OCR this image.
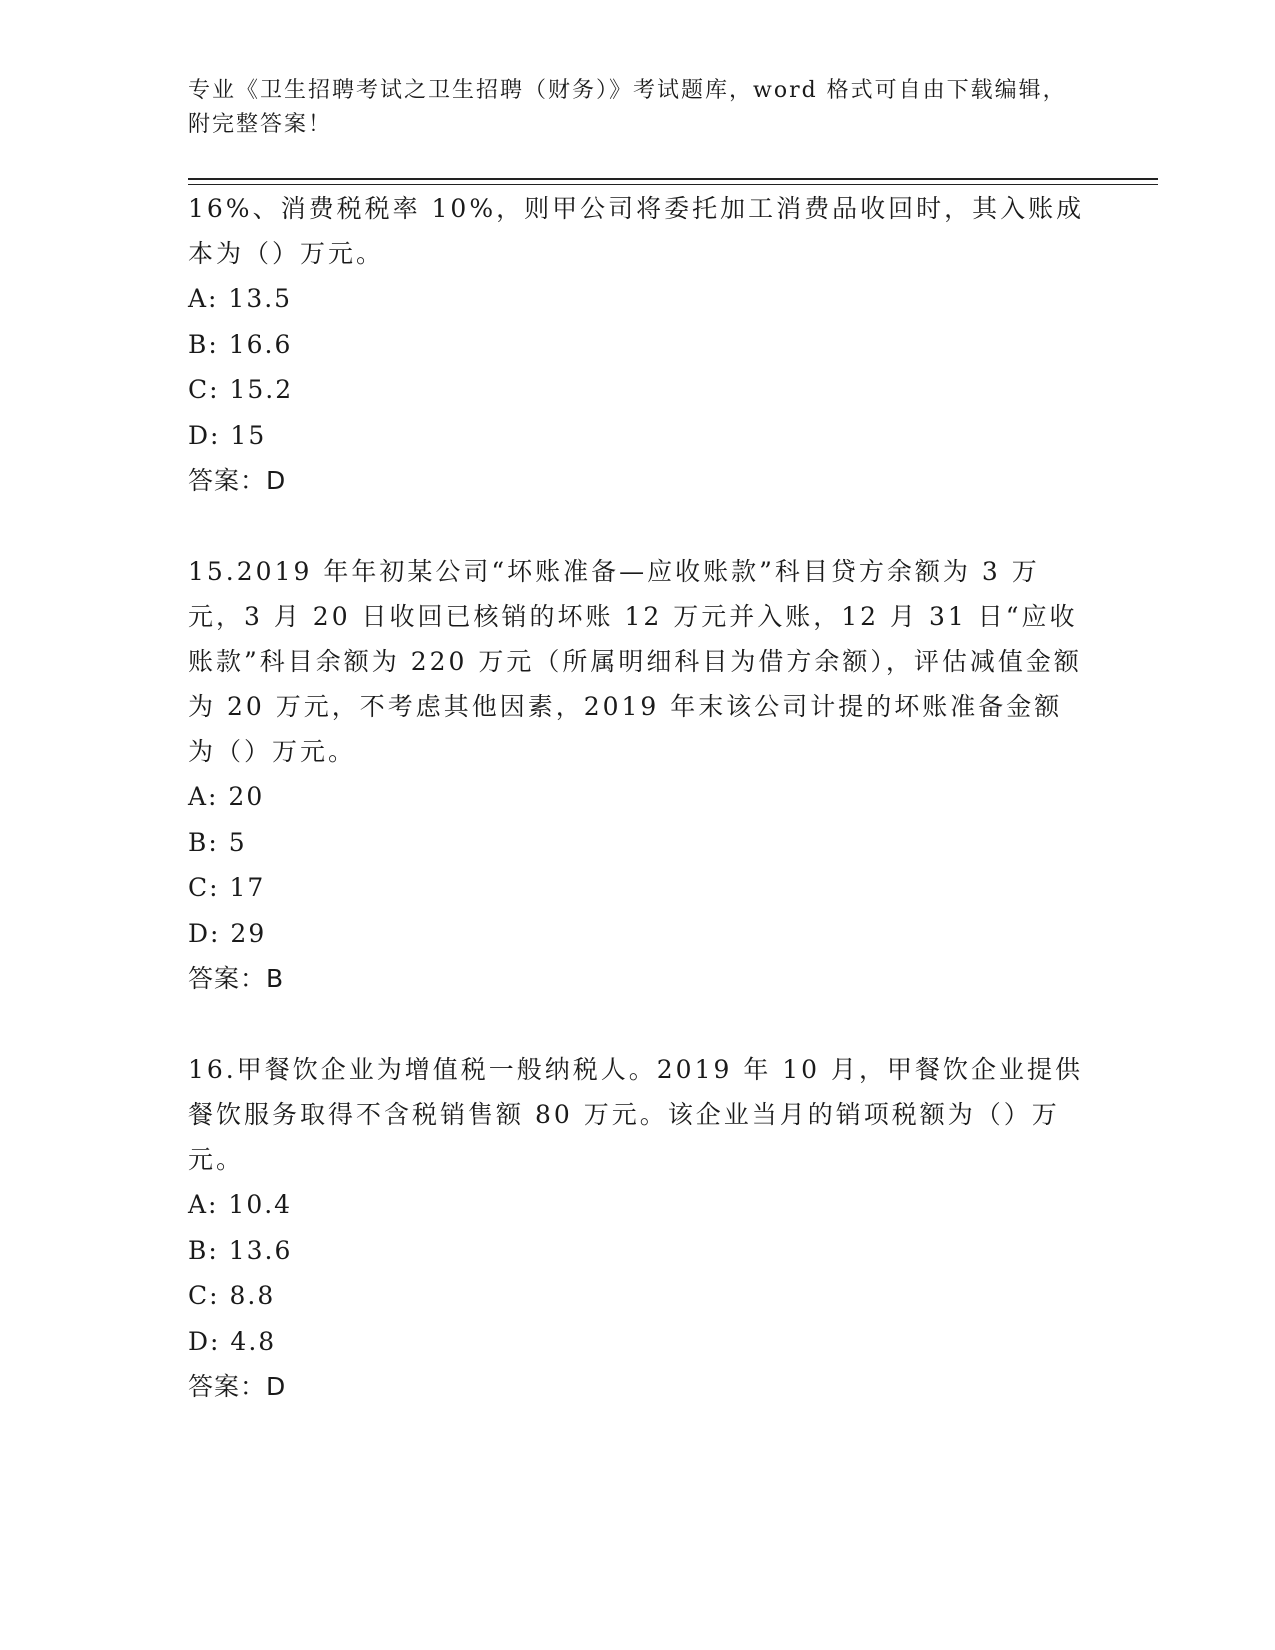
专业《卫生招聘考试之卫生招聘（财务）》考试题库，word 格式可自由下载编辑，附完整答案！

16%、消费税税率 10%，则甲公司将委托加工消费品收回时，其入账成本为（）万元。

A: 13.5

B: 16.6

C: 15.2

D: 15

答案：D

15.2019 年年初某公司“坏账准备—应收账款”科目贷方余额为 3 万元，3 月 20 日收回已核销的坏账 12 万元并入账，12 月 31 日“应收账款”科目余额为 220 万元（所属明细科目为借方余额），评估减值金额为 20 万元，不考虑其他因素，2019 年末该公司计提的坏账准备金额为（）万元。

A: 20

B: 5

C: 17

D: 29

答案：B

16.甲餐饮企业为增值税一般纳税人。2019 年 10 月，甲餐饮企业提供餐饮服务取得不含税销售额 80 万元。该企业当月的销项税额为（）万元。

A: 10.4

B: 13.6

C: 8.8

D: 4.8

答案：D
